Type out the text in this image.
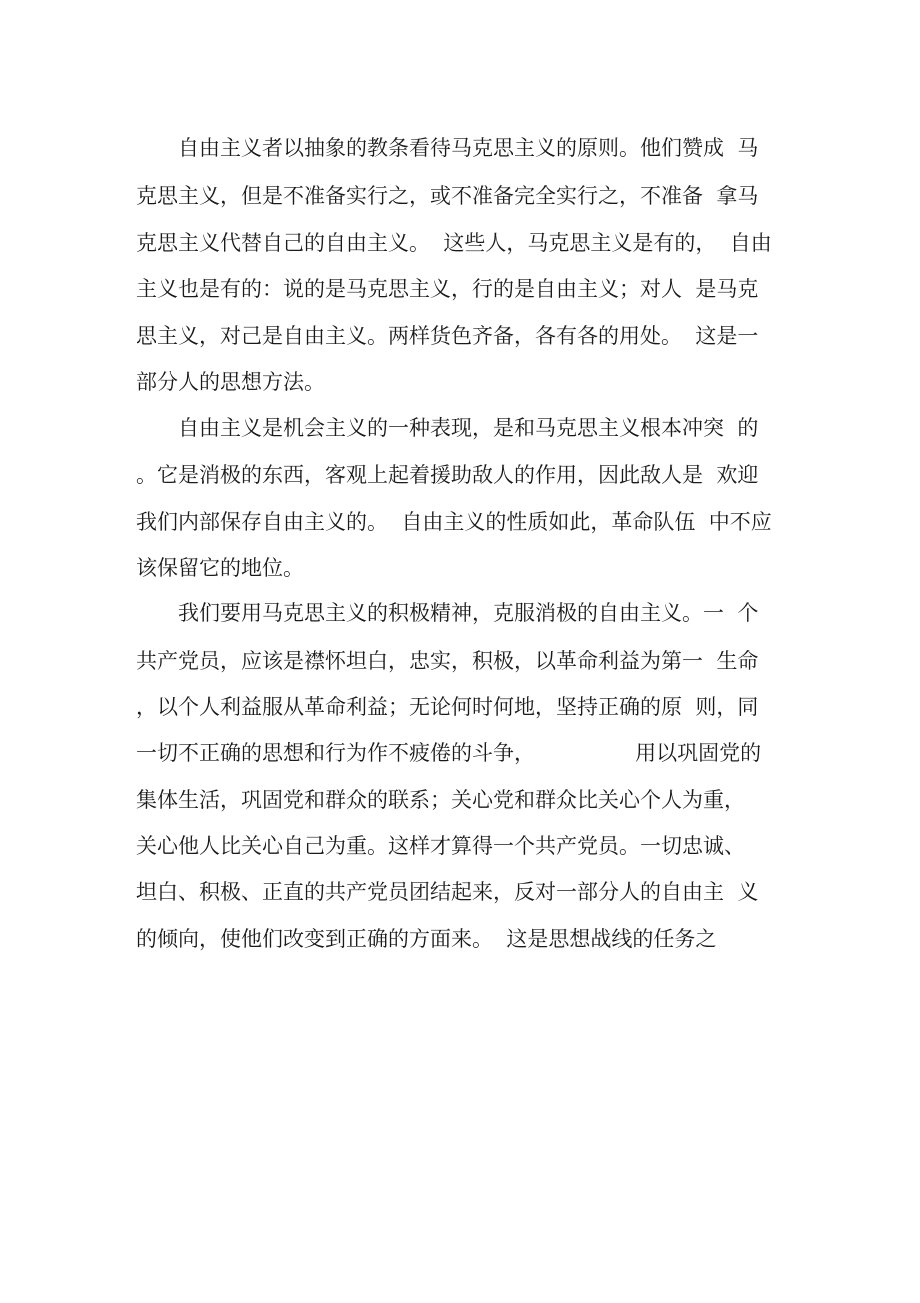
自由主义者以抽象的教条看待马克思主义的原则。他们赞成  马
克思主义，但是不准备实行之，或不准备完全实行之，不准备  拿马
克思主义代替自己的自由主义。  这些人，马克思主义是有的，  自由
主义也是有的：说的是马克思主义，行的是自由主义；对人  是马克
思主义，对己是自由主义。两样货色齐备，各有各的用处。  这是一
部分人的思想方法。
自由主义是机会主义的一种表现，是和马克思主义根本冲突  的
。它是消极的东西，客观上起着援助敌人的作用，因此敌人是  欢迎
我们内部保存自由主义的。  自由主义的性质如此，革命队伍  中不应
该保留它的地位。
我们要用马克思主义的积极精神，克服消极的自由主义。一  个
共产党员，应该是襟怀坦白，忠实，积极，以革命利益为第一  生命
，以个人利益服从革命利益；无论何时何地，坚持正确的原  则，同
一切不正确的思想和行为作不疲倦的斗争，               用以巩固党的
集体生活，巩固党和群众的联系；关心党和群众比关心个人为重，
关心他人比关心自己为重。这样才算得一个共产党员。一切忠诚、
坦白、积极、正直的共产党员团结起来，反对一部分人的自由主  义
的倾向，使他们改变到正确的方面来。  这是思想战线的任务之
